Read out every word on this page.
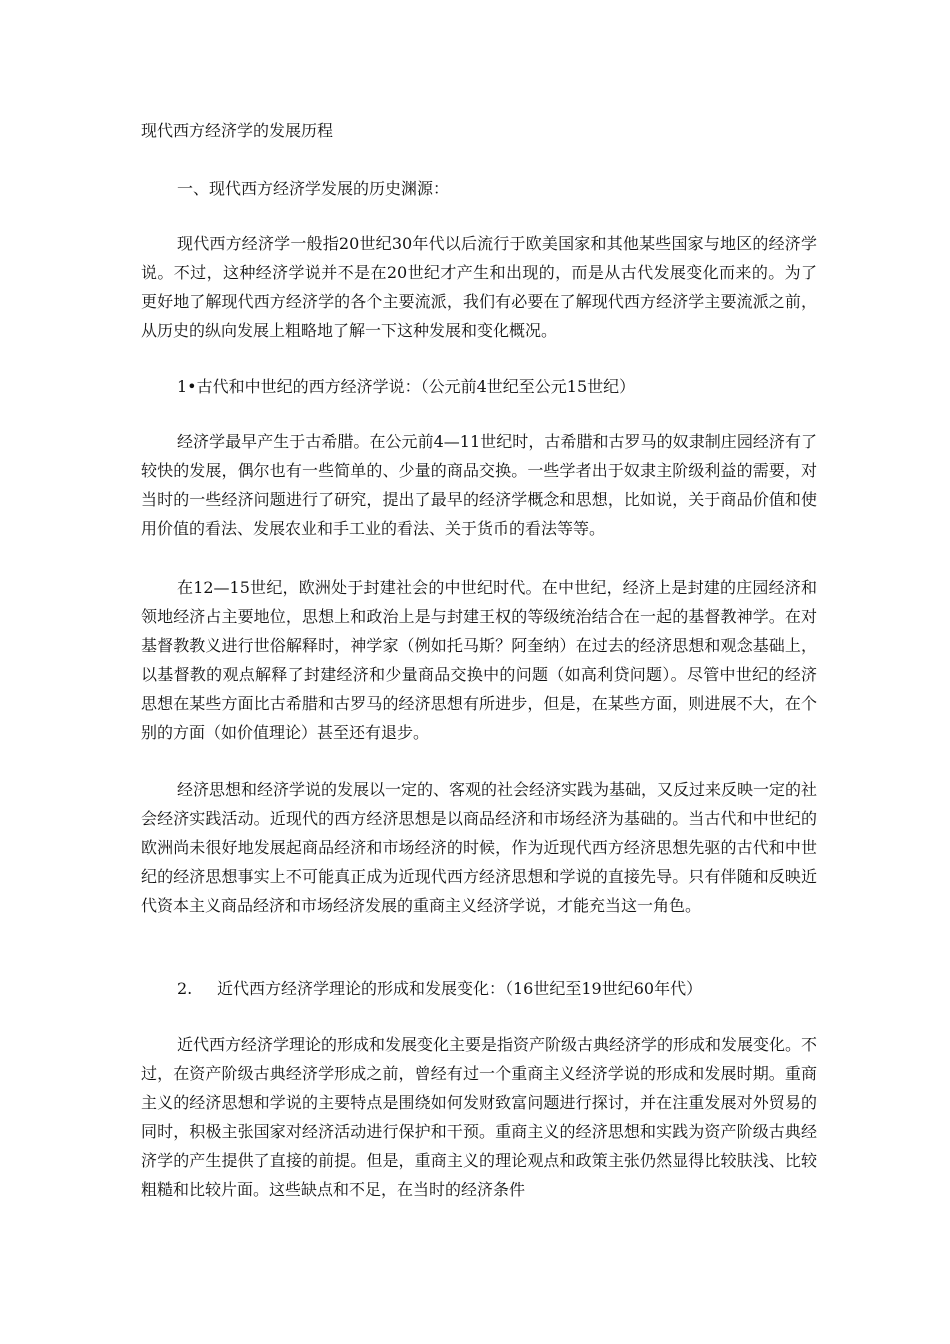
现代西方经济学的发展历程
一、现代西方经济学发展的历史渊源：

现代西方经济学一般指20世纪30年代以后流行于欧美国家和其他某些国家与地区的经济学说。不过，这种经济学说并不是在20世纪才产生和出现的，而是从古代发展变化而来的。为了更好地了解现代西方经济学的各个主要流派，我们有必要在了解现代西方经济学主要流派之前，从历史的纵向发展上粗略地了解一下这种发展和变化概况。

1•古代和中世纪的西方经济学说：（公元前4世纪至公元15世纪）

经济学最早产生于古希腊。在公元前4—11世纪时，古希腊和古罗马的奴隶制庄园经济有了较快的发展，偶尔也有一些简单的、少量的商品交换。一些学者出于奴隶主阶级利益的需要，对当时的一些经济问题进行了研究，提出了最早的经济学概念和思想，比如说，关于商品价值和使用价值的看法、发展农业和手工业的看法、关于货币的看法等等。

在12—15世纪，欧洲处于封建社会的中世纪时代。在中世纪，经济上是封建的庄园经济和领地经济占主要地位，思想上和政治上是与封建王权的等级统治结合在一起的基督教神学。在对基督教教义进行世俗解释时，神学家（例如托马斯？阿奎纳）在过去的经济思想和观念基础上，以基督教的观点解释了封建经济和少量商品交换中的问题（如高利贷问题）。尽管中世纪的经济思想在某些方面比古希腊和古罗马的经济思想有所进步，但是，在某些方面，则进展不大，在个别的方面（如价值理论）甚至还有退步。

经济思想和经济学说的发展以一定的、客观的社会经济实践为基础，又反过来反映一定的社会经济实践活动。近现代的西方经济思想是以商品经济和市场经济为基础的。当古代和中世纪的欧洲尚未很好地发展起商品经济和市场经济的时候，作为近现代西方经济思想先驱的古代和中世纪的经济思想事实上不可能真正成为近现代西方经济思想和学说的直接先导。只有伴随和反映近代资本主义商品经济和市场经济发展的重商主义经济学说，才能充当这一角色。

2. 近代西方经济学理论的形成和发展变化：（16世纪至19世纪60年代）

近代西方经济学理论的形成和发展变化主要是指资产阶级古典经济学的形成和发展变化。不过，在资产阶级古典经济学形成之前，曾经有过一个重商主义经济学说的形成和发展时期。重商主义的经济思想和学说的主要特点是围绕如何发财致富问题进行探讨，并在注重发展对外贸易的同时，积极主张国家对经济活动进行保护和干预。重商主义的经济思想和实践为资产阶级古典经济学的产生提供了直接的前提。但是，重商主义的理论观点和政策主张仍然显得比较肤浅、比较粗糙和比较片面。这些缺点和不足，在当时的经济条件
